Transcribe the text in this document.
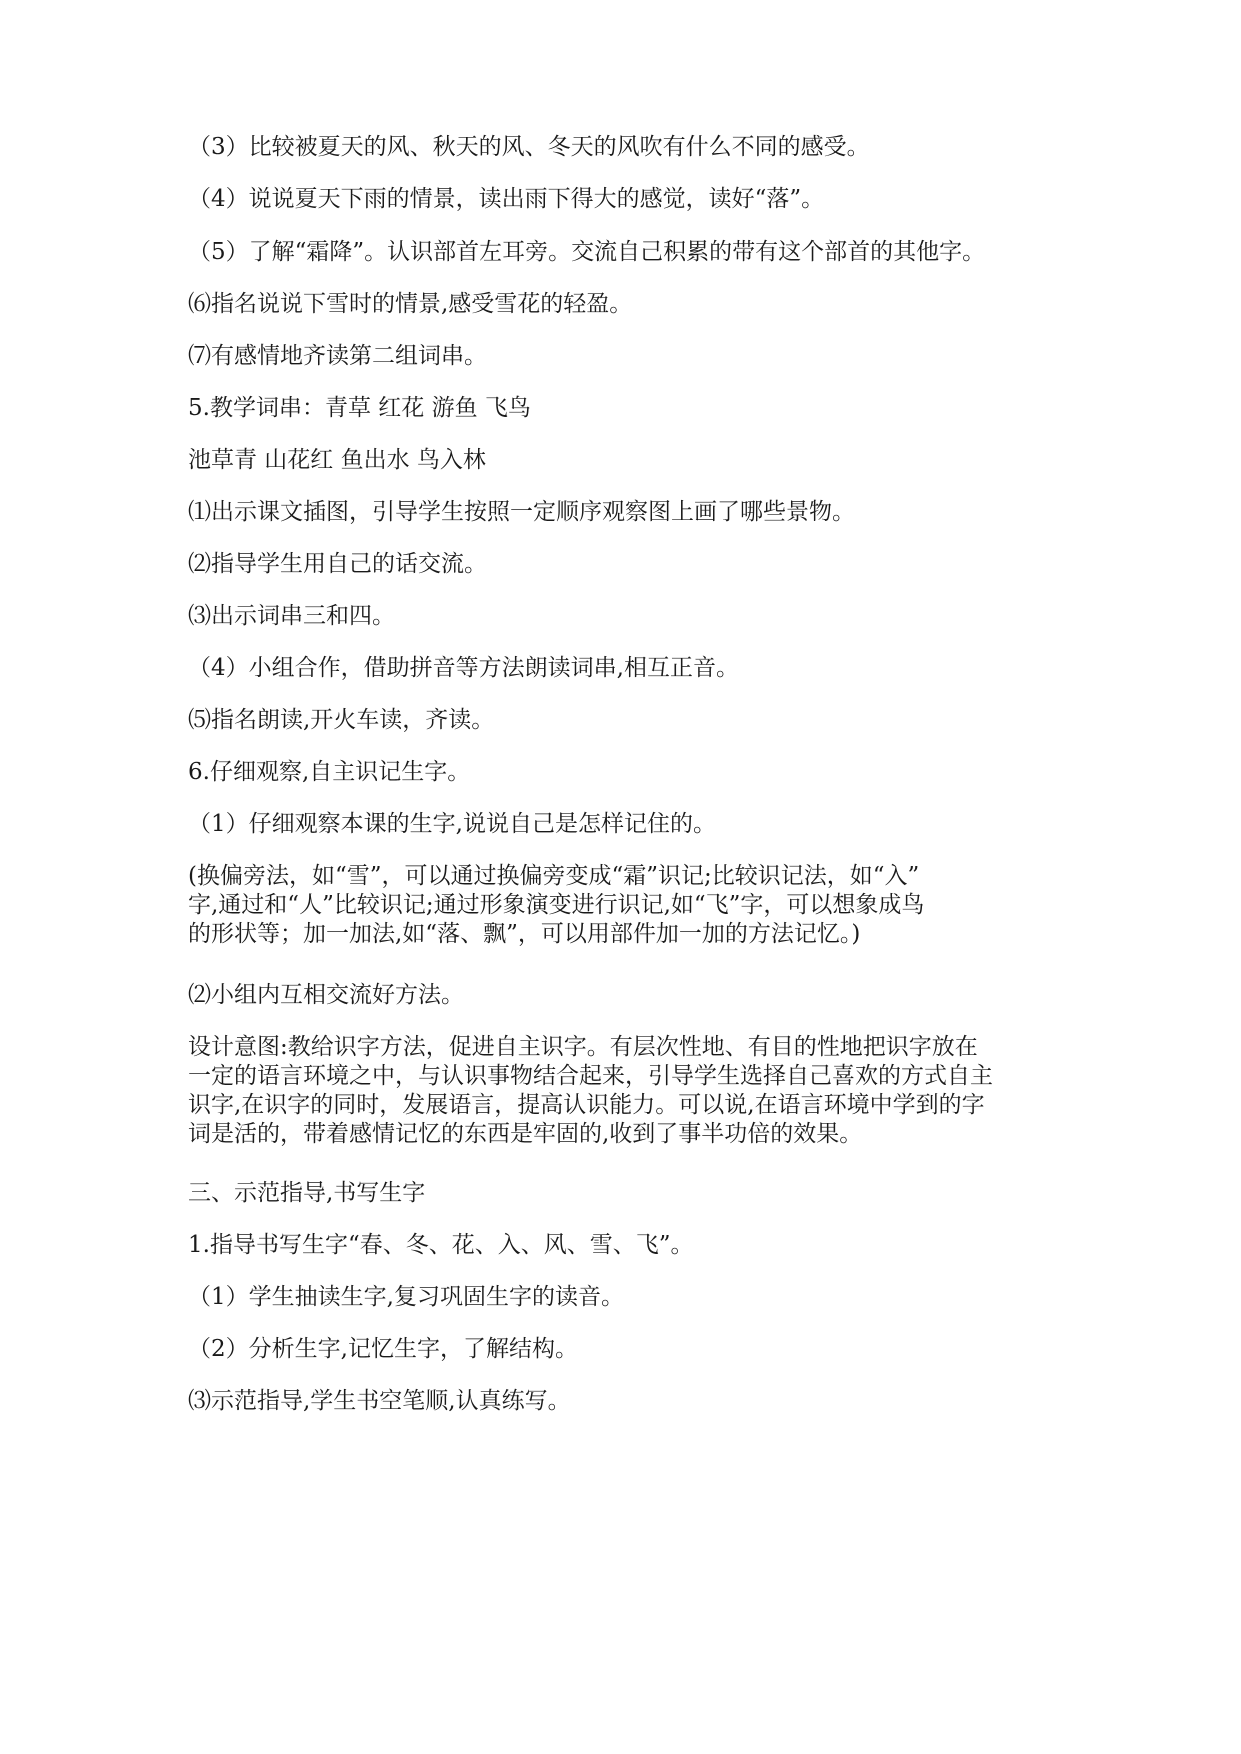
（3）比较被夏天的风、秋天的风、冬天的风吹有什么不同的感受。
（4）说说夏天下雨的情景，读出雨下得大的感觉，读好“落”。
（5）了解“霜降”。认识部首左耳旁。交流自己积累的带有这个部首的其他字。
⑹指名说说下雪时的情景,感受雪花的轻盈。
⑺有感情地齐读第二组词串。
5.教学词串：青草 红花 游鱼 飞鸟
池草青 山花红 鱼出水 鸟入林
⑴出示课文插图，引导学生按照一定顺序观察图上画了哪些景物。
⑵指导学生用自己的话交流。
⑶出示词串三和四。
（4）小组合作，借助拼音等方法朗读词串,相互正音。
⑸指名朗读,开火车读，齐读。
6.仔细观察,自主识记生字。
（1）仔细观察本课的生字,说说自己是怎样记住的。
(换偏旁法，如“雪”，可以通过换偏旁变成“霜”识记;比较识记法，如“入”
字,通过和“人”比较识记;通过形象演变进行识记,如“飞”字，可以想象成鸟
的形状等；加一加法,如“落、飘”，可以用部件加一加的方法记忆。)
⑵小组内互相交流好方法。
设计意图:教给识字方法，促进自主识字。有层次性地、有目的性地把识字放在
一定的语言环境之中，与认识事物结合起来，引导学生选择自己喜欢的方式自主
识字,在识字的同时，发展语言，提高认识能力。可以说,在语言环境中学到的字
词是活的，带着感情记忆的东西是牢固的,收到了事半功倍的效果。
三、示范指导,书写生字
1.指导书写生字“春、冬、花、入、风、雪、飞”。
（1）学生抽读生字,复习巩固生字的读音。
（2）分析生字,记忆生字，了解结构。
⑶示范指导,学生书空笔顺,认真练写。
